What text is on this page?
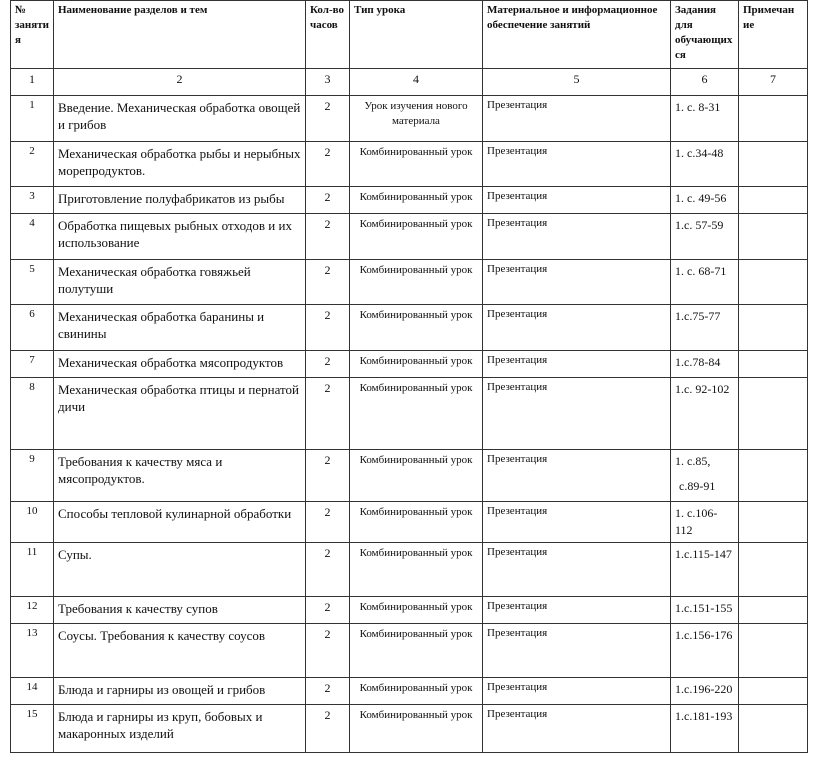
№ заняти я	Наименование разделов и тем	Кол-во часов	Тип урока	Материальное и информационное обеспечение занятий	Задания для обучающих ся	Примечан ие
1	2	3	4	5	6	7
1	Введение. Механическая обработка овощей и грибов	2	Урок изучения нового материала	Презентация	1. с. 8-31	
2	Механическая обработка рыбы и нерыбных морепродуктов.	2	Комбинированный урок	Презентация	1. с.34-48	
3	Приготовление полуфабрикатов из рыбы	2	Комбинированный урок	Презентация	1. с. 49-56	
4	Обработка пищевых рыбных отходов и их использование	2	Комбинированный урок	Презентация	1.с. 57-59	
5	Механическая обработка говяжьей полутуши	2	Комбинированный урок	Презентация	1. с. 68-71	
6	Механическая обработка баранины и свинины	2	Комбинированный урок	Презентация	1.с.75-77	
7	Механическая обработка мясопродуктов	2	Комбинированный урок	Презентация	1.с.78-84	
8	Механическая обработка птицы и пернатой дичи	2	Комбинированный урок	Презентация	1.с. 92-102	
9	Требования к качеству мяса и мясопродуктов.	2	Комбинированный урок	Презентация	1. с.85,
с.89-91	

10	Способы тепловой кулинарной обработки	2	Комбинированный урок	Презентация	1. с.106-112	
11	Супы.	2	Комбинированный урок	Презентация	1.с.115-147	
12	Требования к качеству супов	2	Комбинированный урок	Презентация	1.с.151-155	
13	Соусы. Требования к качеству соусов	2	Комбинированный урок	Презентация	1.с.156-176	
14	Блюда и гарниры из овощей и грибов	2	Комбинированный урок	Презентация	1.с.196-220	
15	Блюда и гарниры из круп, бобовых и макаронных изделий	2	Комбинированный урок	Презентация	1.с.181-193	
